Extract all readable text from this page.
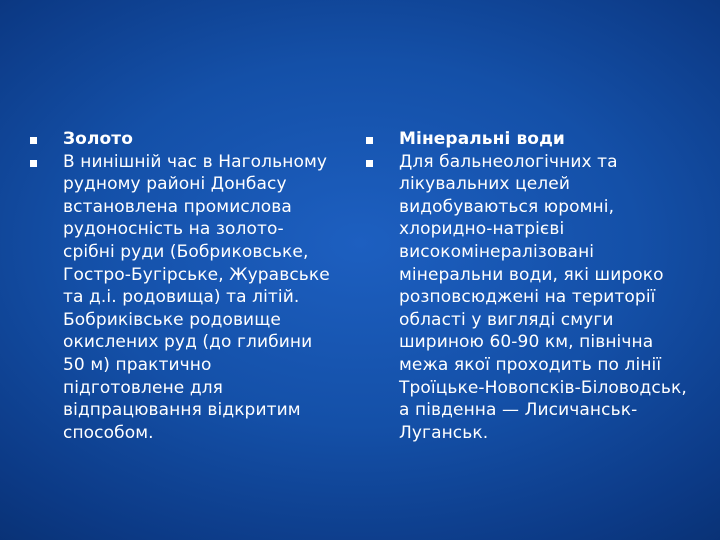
Золото
В нинішній час в Нагольному рудному районі Донбасу встановлена промислова рудоносність на золото-срібні руди (Бобриковське, Гостро-Бугірське, Журавське та д.і. родовища) та літій. Бобриківське родовище окислених руд (до глибини 50 м) практично підготовлене для відпрацювання відкритим способом.
Мінеральні води
Для бальнеологічних та лікувальних целей видобуваються юромні, хлоридно-натрієві високомінералізовані мінеральни води, які широко розповсюджені на території області у вигляді смуги шириною 60-90 км, північна межа якої проходить по лінії Троїцьке-Новопсків-Біловодськ, а південна — Лисичанськ-Луганськ.
